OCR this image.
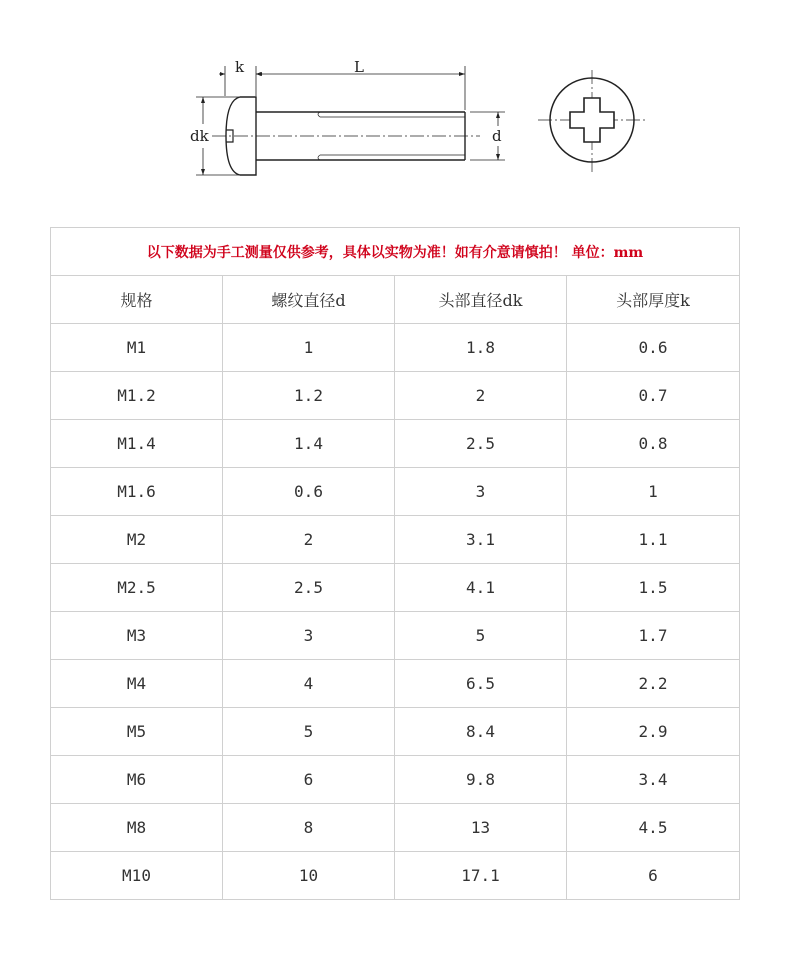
k	L
dk	d
以下数据为手工测量仅供参考，具体以实物为准！如有介意请慎拍！ 单位：mm			
规格	螺纹直径d	头部直径dk	头部厚度k
M1	1	1.8	0.6
M1.2	1.2	2	0.7
M1.4	1.4	2.5	0.8
M1.6	0.6	3	1
M2	2	3.1	1.1
M2.5	2.5	4.1	1.5
M3	3	5	1.7
M4	4	6.5	2.2
M5	5	8.4	2.9
M6	6	9.8	3.4
M8	8	13	4.5
M10	10	17.1	6
